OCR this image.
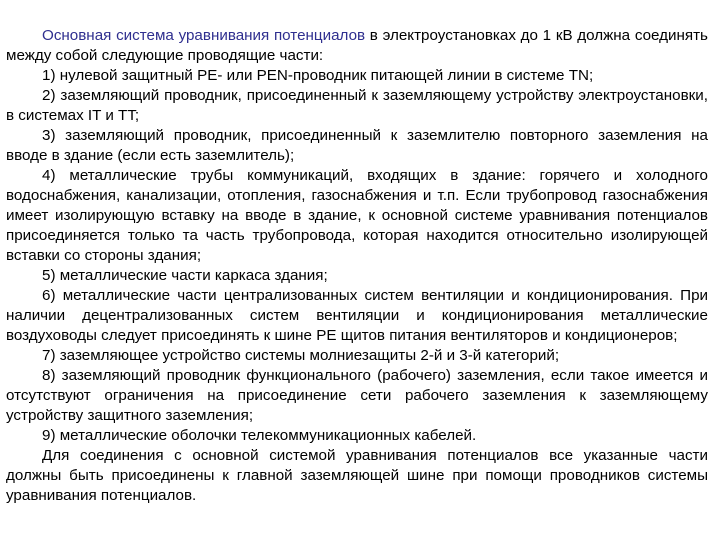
Основная система уравнивания потенциалов в электроустановках до 1 кВ должна соединять между собой следующие проводящие части:

1) нулевой защитный PE- или PEN-проводник питающей линии в системе TN;

2) заземляющий проводник, присоединенный к заземляющему устройству электроустановки, в системах IT и TT;

3) заземляющий проводник, присоединенный к заземлителю повторного заземления на вводе в здание (если есть заземлитель);

4) металлические трубы коммуникаций, входящих в здание: горячего и холодного водоснабжения, канализации, отопления, газоснабжения и т.п. Если трубопровод газоснабжения имеет изолирующую вставку на вводе в здание, к основной системе уравнивания потенциалов присоединяется только та часть трубопровода, которая находится относительно изолирующей вставки со стороны здания;

5) металлические части каркаса здания;

6) металлические части централизованных систем вентиляции и кондиционирования. При наличии децентрализованных систем вентиляции и кондиционирования металлические воздуховоды следует присоединять к шине PE щитов питания вентиляторов и кондиционеров;

7) заземляющее устройство системы молниезащиты 2-й и 3-й категорий;

8) заземляющий проводник функционального (рабочего) заземления, если такое имеется и отсутствуют ограничения на присоединение сети рабочего заземления к заземляющему устройству защитного заземления;

9) металлические оболочки телекоммуникационных кабелей.

Для соединения с основной системой уравнивания потенциалов все указанные части должны быть присоединены к главной заземляющей шине при помощи проводников системы уравнивания потенциалов.
